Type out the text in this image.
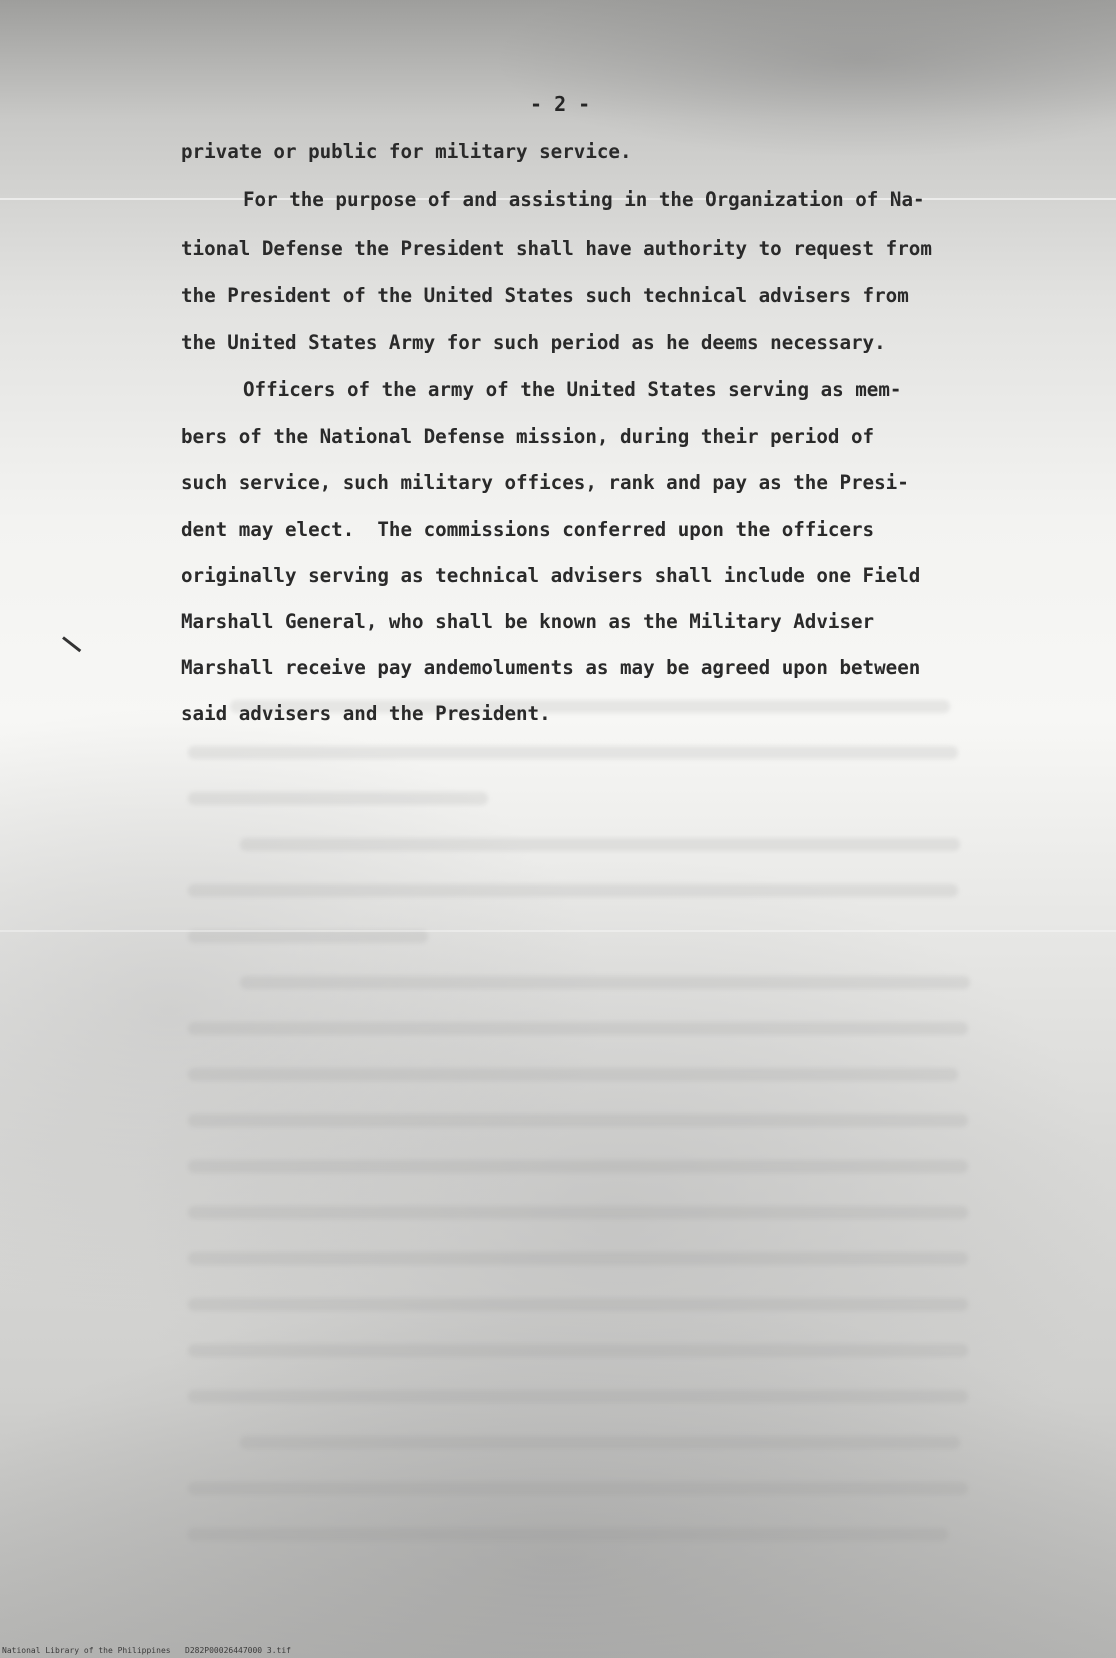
- 2 -

private or public for military service.

For the purpose of and assisting in the Organization of Na-

tional Defense the President shall have authority to request from

the President of the United States such technical advisers from

the United States Army for such period as he deems necessary.

Officers of the army of the United States serving as mem-

bers of the National Defense mission, during their period of

such service, such military offices, rank and pay as the Presi-

dent may elect.  The commissions conferred upon the officers

originally serving as technical advisers shall include one Field

Marshall General, who shall be known as the Military Adviser

Marshall receive pay andemoluments as may be agreed upon between

said advisers and the President.

National Library of the Philippines D282P00026447000 3.tif
